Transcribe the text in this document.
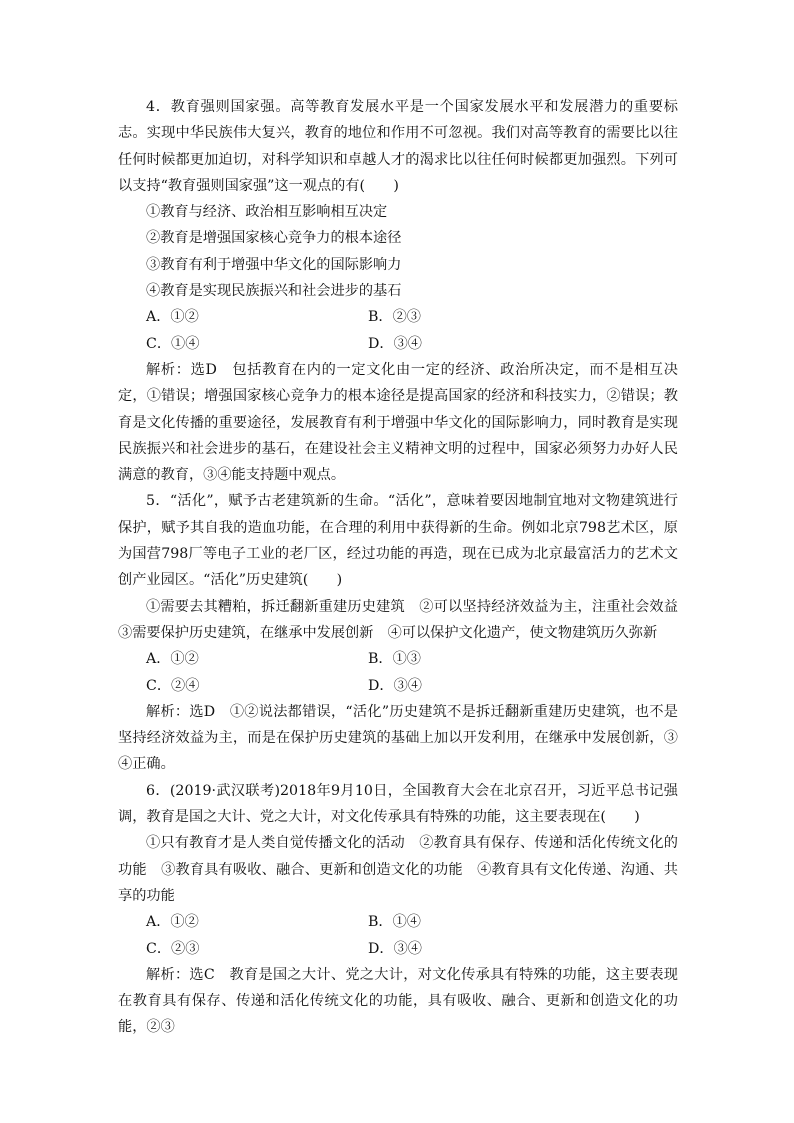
4．教育强则国家强。高等教育发展水平是一个国家发展水平和发展潜力的重要标志。实现中华民族伟大复兴，教育的地位和作用不可忽视。我们对高等教育的需要比以往任何时候都更加迫切，对科学知识和卓越人才的渴求比以往任何时候都更加强烈。下列可以支持“教育强则国家强”这一观点的有(　　)

①教育与经济、政治相互影响相互决定

②教育是增强国家核心竞争力的根本途径

③教育有利于增强中华文化的国际影响力

④教育是实现民族振兴和社会进步的基石

A．①②	B．②③
C．①④	D．③④

解析：选D　包括教育在内的一定文化由一定的经济、政治所决定，而不是相互决定，①错误；增强国家核心竞争力的根本途径是提高国家的经济和科技实力，②错误；教育是文化传播的重要途径，发展教育有利于增强中华文化的国际影响力，同时教育是实现民族振兴和社会进步的基石，在建设社会主义精神文明的过程中，国家必须努力办好人民满意的教育，③④能支持题中观点。

5．“活化”，赋予古老建筑新的生命。“活化”，意味着要因地制宜地对文物建筑进行保护，赋予其自我的造血功能，在合理的利用中获得新的生命。例如北京798艺术区，原为国营798厂等电子工业的老厂区，经过功能的再造，现在已成为北京最富活力的艺术文创产业园区。“活化”历史建筑(　　)

①需要去其糟粕，拆迁翻新重建历史建筑　②可以坚持经济效益为主，注重社会效益③需要保护历史建筑，在继承中发展创新　④可以保护文化遗产，使文物建筑历久弥新

A．①②	B．①③
C．②④	D．③④

解析：选D　①②说法都错误，“活化”历史建筑不是拆迁翻新重建历史建筑，也不是坚持经济效益为主，而是在保护历史建筑的基础上加以开发利用，在继承中发展创新，③④正确。

6．(2019·武汉联考)2018年9月10日，全国教育大会在北京召开，习近平总书记强调，教育是国之大计、党之大计，对文化传承具有特殊的功能，这主要表现在(　　)

①只有教育才是人类自觉传播文化的活动　②教育具有保存、传递和活化传统文化的功能　③教育具有吸收、融合、更新和创造文化的功能　④教育具有文化传递、沟通、共享的功能

A．①②	B．①④
C．②③	D．③④

解析：选C　教育是国之大计、党之大计，对文化传承具有特殊的功能，这主要表现在教育具有保存、传递和活化传统文化的功能，具有吸收、融合、更新和创造文化的功能，②③
